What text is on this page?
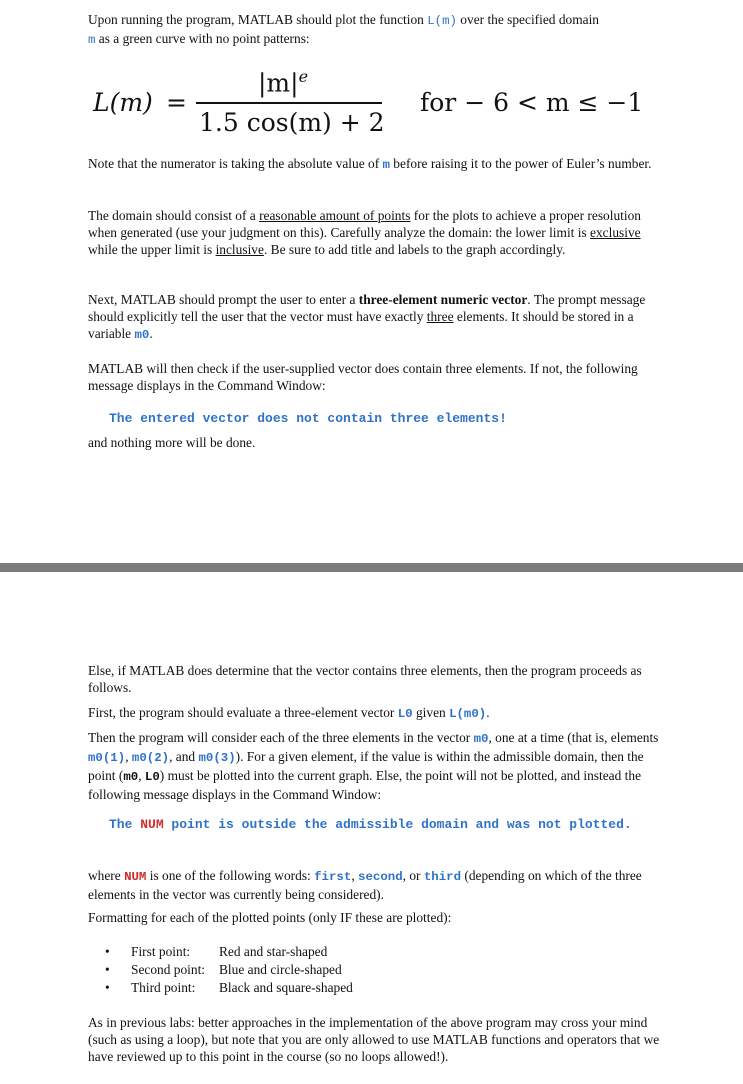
Upon running the program, MATLAB should plot the function L(m) over the specified domain
m as a green curve with no point patterns:

L(m) =
$|m|^e$
1.5 cos(m) + 2
for − 6 < m ≤ −1

Note that the numerator is taking the absolute value of m before raising it to the power of Euler’s number.

The domain should consist of a reasonable amount of points for the plots to achieve a proper resolution when generated (use your judgment on this). Carefully analyze the domain: the lower limit is exclusive while the upper limit is inclusive. Be sure to add title and labels to the graph accordingly.

Next, MATLAB should prompt the user to enter a three-element numeric vector. The prompt message should explicitly tell the user that the vector must have exactly three elements. It should be stored in a variable m0.

MATLAB will then check if the user-supplied vector does contain three elements. If not, the following message displays in the Command Window:

The entered vector does not contain three elements!

and nothing more will be done.

Else, if MATLAB does determine that the vector contains three elements, then the program proceeds as follows.

First, the program should evaluate a three-element vector L0 given L(m0).

Then the program will consider each of the three elements in the vector m0, one at a time (that is, elements m0(1), m0(2), and m0(3)). For a given element, if the value is within the admissible domain, then the point (m0, L0) must be plotted into the current graph. Else, the point will not be plotted, and instead the following message displays in the Command Window:

The NUM point is outside the admissible domain and was not plotted.

where NUM is one of the following words: first, second, or third (depending on which of the three elements in the vector was currently being considered).

Formatting for each of the plotted points (only IF these are plotted):

• First point: Red and star-shaped
• Second point: Blue and circle-shaped
• Third point: Black and square-shaped

As in previous labs: better approaches in the implementation of the above program may cross your mind (such as using a loop), but note that you are only allowed to use MATLAB functions and operators that we have reviewed up to this point in the course (so no loops allowed!).
